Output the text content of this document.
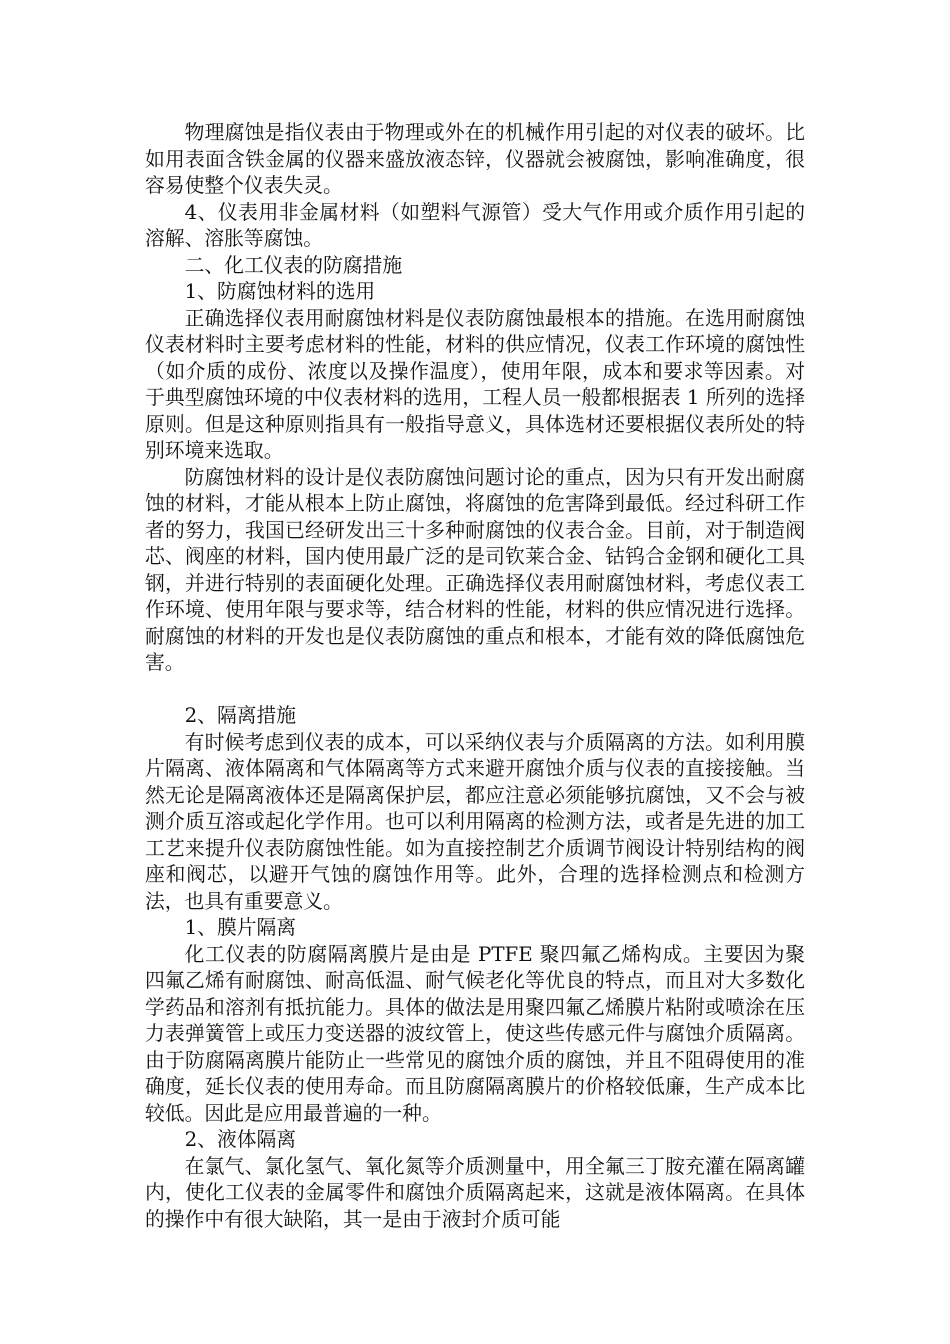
物理腐蚀是指仪表由于物理或外在的机械作用引起的对仪表的破坏。比如用表面含铁金属的仪器来盛放液态锌，仪器就会被腐蚀，影响准确度，很容易使整个仪表失灵。

4、仪表用非金属材料（如塑料气源管）受大气作用或介质作用引起的溶解、溶胀等腐蚀。

二、化工仪表的防腐措施

1、防腐蚀材料的选用

正确选择仪表用耐腐蚀材料是仪表防腐蚀最根本的措施。在选用耐腐蚀仪表材料时主要考虑材料的性能，材料的供应情况，仪表工作环境的腐蚀性（如介质的成份、浓度以及操作温度），使用年限，成本和要求等因素。对于典型腐蚀环境的中仪表材料的选用，工程人员一般都根据表 1 所列的选择原则。但是这种原则指具有一般指导意义，具体选材还要根据仪表所处的特别环境来选取。

防腐蚀材料的设计是仪表防腐蚀问题讨论的重点，因为只有开发出耐腐蚀的材料，才能从根本上防止腐蚀，将腐蚀的危害降到最低。经过科研工作者的努力，我国已经研发出三十多种耐腐蚀的仪表合金。目前，对于制造阀芯、阀座的材料，国内使用最广泛的是司钦莱合金、钴钨合金钢和硬化工具钢，并进行特别的表面硬化处理。正确选择仪表用耐腐蚀材料，考虑仪表工作环境、使用年限与要求等，结合材料的性能，材料的供应情况进行选择。耐腐蚀的材料的开发也是仪表防腐蚀的重点和根本，才能有效的降低腐蚀危害。

2、隔离措施

有时候考虑到仪表的成本，可以采纳仪表与介质隔离的方法。如利用膜片隔离、液体隔离和气体隔离等方式来避开腐蚀介质与仪表的直接接触。当然无论是隔离液体还是隔离保护层，都应注意必须能够抗腐蚀，又不会与被测介质互溶或起化学作用。也可以利用隔离的检测方法，或者是先进的加工工艺来提升仪表防腐蚀性能。如为直接控制艺介质调节阀设计特别结构的阀座和阀芯，以避开气蚀的腐蚀作用等。此外，合理的选择检测点和检测方法，也具有重要意义。

1、膜片隔离

化工仪表的防腐隔离膜片是由是 PTFE 聚四氟乙烯构成。主要因为聚四氟乙烯有耐腐蚀、耐高低温、耐气候老化等优良的特点，而且对大多数化学药品和溶剂有抵抗能力。具体的做法是用聚四氟乙烯膜片粘附或喷涂在压力表弹簧管上或压力变送器的波纹管上，使这些传感元件与腐蚀介质隔离。由于防腐隔离膜片能防止一些常见的腐蚀介质的腐蚀，并且不阻碍使用的准确度，延长仪表的使用寿命。而且防腐隔离膜片的价格较低廉，生产成本比较低。因此是应用最普遍的一种。

2、液体隔离

在氯气、氯化氢气、氧化氮等介质测量中，用全氟三丁胺充灌在隔离罐内，使化工仪表的金属零件和腐蚀介质隔离起来，这就是液体隔离。在具体的操作中有很大缺陷，其一是由于液封介质可能
